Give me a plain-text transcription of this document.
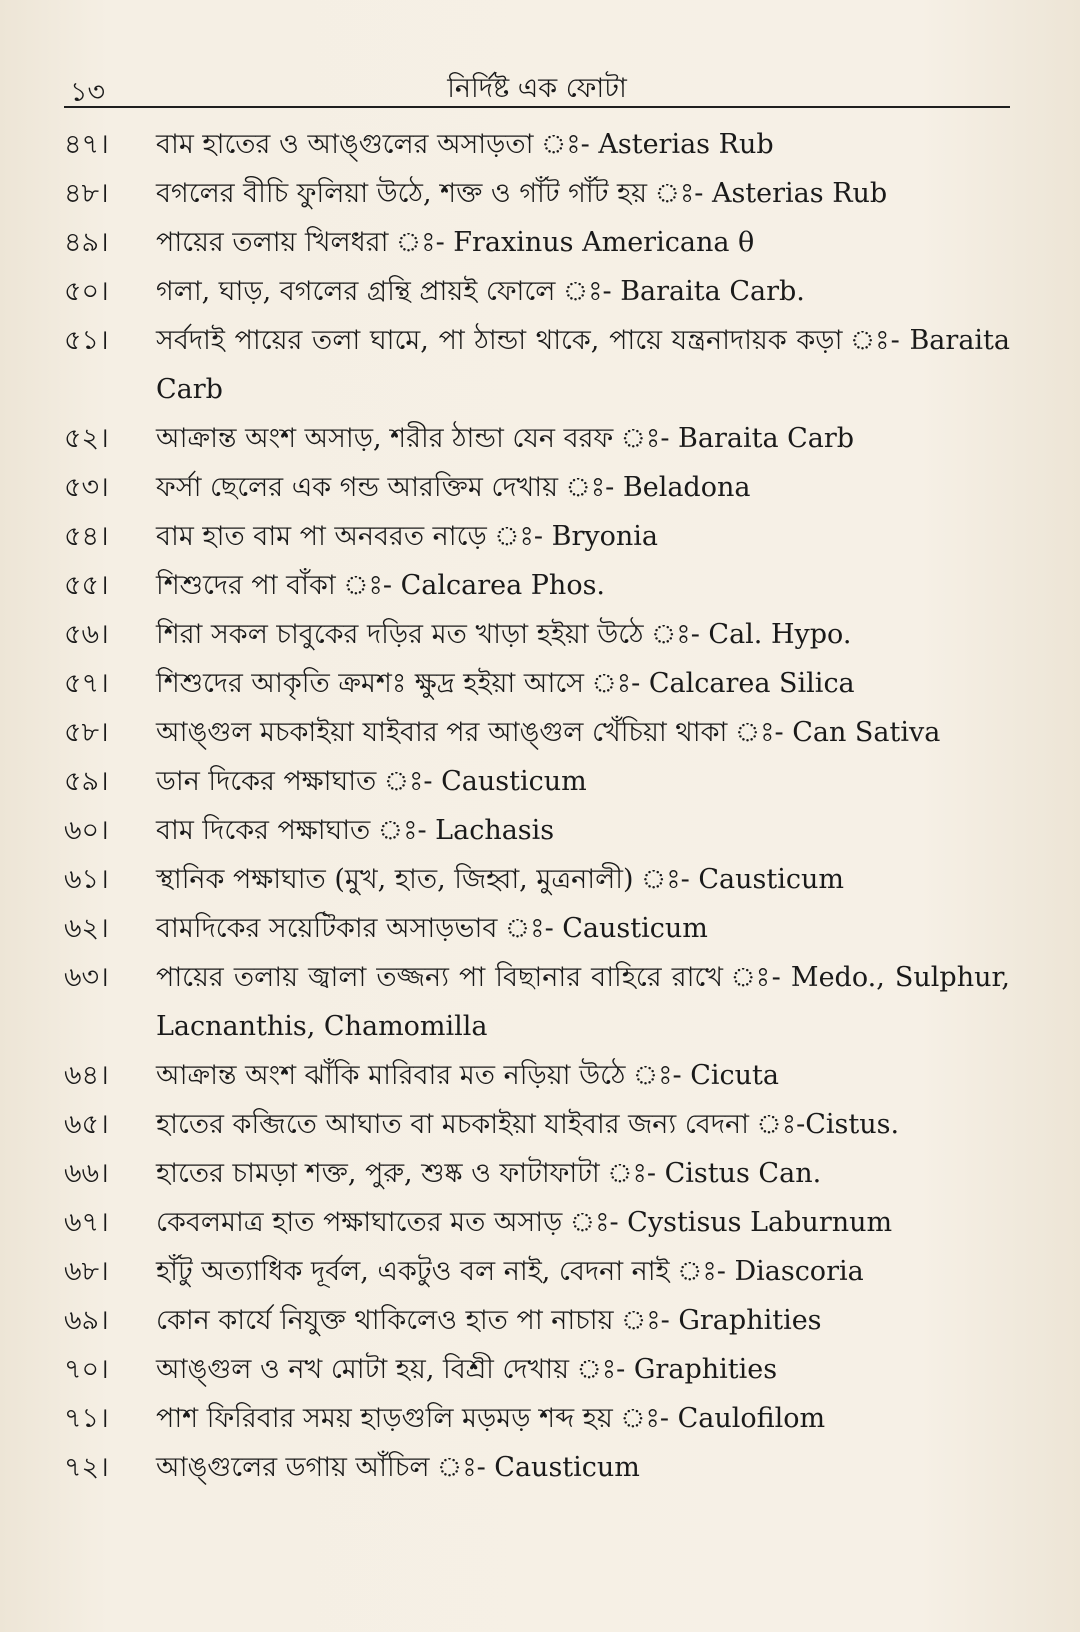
১৩	নির্দিষ্ট এক ফোটা
৪৭।	বাম হাতের ও আঙ্গুলের অসাড়তা ঃ- Asterias Rub
৪৮।	বগলের বীচি ফুলিয়া উঠে, শক্ত ও গাঁট গাঁট হয় ঃ- Asterias Rub
৪৯।	পায়ের তলায় খিলধরা ঃ- Fraxinus Americana θ
৫০।	গলা, ঘাড়, বগলের গ্রন্থি প্রায়ই ফোলে ঃ- Baraita Carb.
৫১।	সর্বদাই পায়ের তলা ঘামে, পা ঠান্ডা থাকে, পায়ে যন্ত্রনাদায়ক কড়া ঃ- Baraita Carb
৫২।	আক্রান্ত অংশ অসাড়, শরীর ঠান্ডা যেন বরফ ঃ- Baraita Carb
৫৩।	ফর্সা ছেলের এক গন্ড আরক্তিম দেখায় ঃ- Beladona
৫৪।	বাম হাত বাম পা অনবরত নাড়ে ঃ- Bryonia
৫৫।	শিশুদের পা বাঁকা ঃ- Calcarea Phos.
৫৬।	শিরা সকল চাবুকের দড়ির মত খাড়া হইয়া উঠে ঃ- Cal. Hypo.
৫৭।	শিশুদের আকৃতি ক্রমশঃ ক্ষুদ্র হইয়া আসে ঃ- Calcarea Silica
৫৮।	আঙ্গুল মচকাইয়া যাইবার পর আঙ্গুল খেঁচিয়া থাকা ঃ- Can Sativa
৫৯।	ডান দিকের পক্ষাঘাত ঃ- Causticum
৬০।	বাম দিকের পক্ষাঘাত ঃ- Lachasis
৬১।	স্থানিক পক্ষাঘাত (মুখ, হাত, জিহ্বা, মুত্রনালী) ঃ- Causticum
৬২।	বামদিকের সয়েটিকার অসাড়ভাব ঃ- Causticum
৬৩।	পায়ের তলায় জ্বালা তজ্জন্য পা বিছানার বাহিরে রাখে ঃ- Medo., Sulphur, Lacnanthis, Chamomilla
৬৪।	আক্রান্ত অংশ ঝাঁকি মারিবার মত নড়িয়া উঠে ঃ- Cicuta
৬৫।	হাতের কব্জিতে আঘাত বা মচকাইয়া যাইবার জন্য বেদনা ঃ-Cistus.
৬৬।	হাতের চামড়া শক্ত, পুরু, শুষ্ক ও ফাটাফাটা ঃ- Cistus Can.
৬৭।	কেবলমাত্র হাত পক্ষাঘাতের মত অসাড় ঃ- Cystisus Laburnum
৬৮।	হাঁটু অত্যাধিক দূর্বল, একটুও বল নাই, বেদনা নাই ঃ- Diascoria
৬৯।	কোন কার্যে নিযুক্ত থাকিলেও হাত পা নাচায় ঃ- Graphities
৭০।	আঙ্গুল ও নখ মোটা হয়, বিশ্রী দেখায় ঃ- Graphities
৭১।	পাশ ফিরিবার সময় হাড়গুলি মড়মড় শব্দ হয় ঃ- Caulofilom
৭২।	আঙ্গুলের ডগায় আঁচিল ঃ- Causticum
